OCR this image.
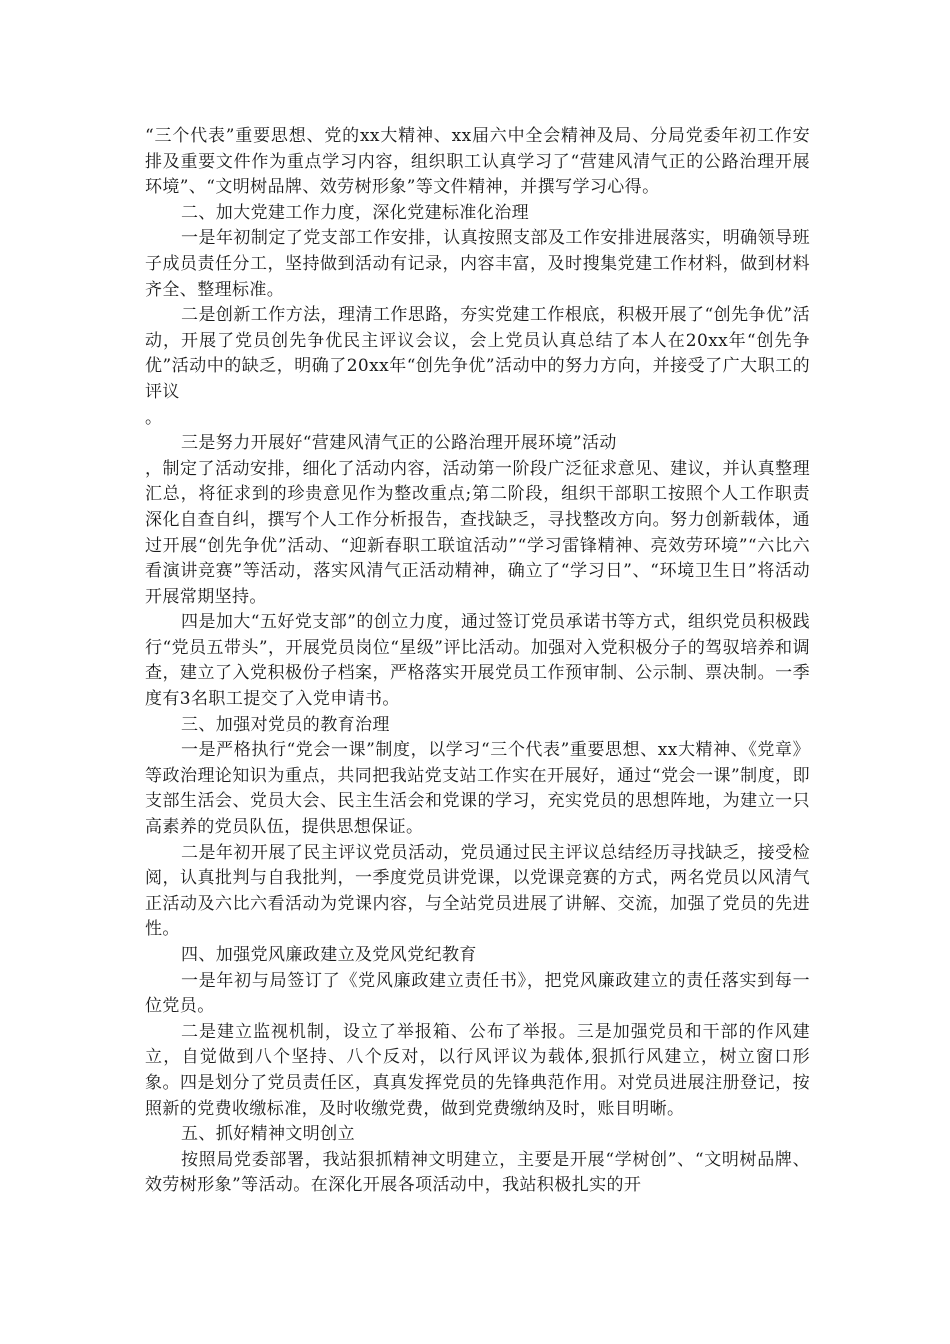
“三个代表”重要思想、党的xx大精神、xx届六中全会精神及局、分局党委年初工作安排及重要文件作为重点学习内容，组织职工认真学习了“营建风清气正的公路治理开展环境”、“文明树品牌、效劳树形象”等文件精神，并撰写学习心得。

二、加大党建工作力度，深化党建标准化治理

一是年初制定了党支部工作安排，认真按照支部及工作安排进展落实，明确领导班子成员责任分工，坚持做到活动有记录，内容丰富，及时搜集党建工作材料，做到材料齐全、整理标准。

二是创新工作方法，理清工作思路，夯实党建工作根底，积极开展了“创先争优”活动，开展了党员创先争优民主评议会议，会上党员认真总结了本人在20xx年“创先争优”活动中的缺乏，明确了20xx年“创先争优”活动中的努力方向，并接受了广大职工的评议

。

三是努力开展好“营建风清气正的公路治理开展环境”活动

，制定了活动安排，细化了活动内容，活动第一阶段广泛征求意见、建议，并认真整理汇总，将征求到的珍贵意见作为整改重点;第二阶段，组织干部职工按照个人工作职责深化自查自纠，撰写个人工作分析报告，查找缺乏，寻找整改方向。努力创新载体，通过开展“创先争优”活动、“迎新春职工联谊活动”“学习雷锋精神、亮效劳环境”“六比六看演讲竞赛”等活动，落实风清气正活动精神，确立了“学习日”、“环境卫生日”将活动开展常期坚持。

四是加大“五好党支部”的创立力度，通过签订党员承诺书等方式，组织党员积极践行“党员五带头”，开展党员岗位“星级”评比活动。加强对入党积极分子的驾驭培养和调查，建立了入党积极份子档案，严格落实开展党员工作预审制、公示制、票决制。一季度有3名职工提交了入党申请书。

三、加强对党员的教育治理

一是严格执行“党会一课”制度，以学习“三个代表”重要思想、xx大精神、《党章》等政治理论知识为重点，共同把我站党支站工作实在开展好，通过“党会一课”制度，即支部生活会、党员大会、民主生活会和党课的学习，充实党员的思想阵地，为建立一只高素养的党员队伍，提供思想保证。

二是年初开展了民主评议党员活动，党员通过民主评议总结经历寻找缺乏，接受检阅，认真批判与自我批判，一季度党员讲党课，以党课竞赛的方式，两名党员以风清气正活动及六比六看活动为党课内容，与全站党员进展了讲解、交流，加强了党员的先进性。

四、加强党风廉政建立及党风党纪教育

一是年初与局签订了《党风廉政建立责任书》，把党风廉政建立的责任落实到每一位党员。

二是建立监视机制，设立了举报箱、公布了举报。三是加强党员和干部的作风建立，自觉做到八个坚持、八个反对，以行风评议为载体,狠抓行风建立，树立窗口形象。四是划分了党员责任区，真真发挥党员的先锋典范作用。对党员进展注册登记，按照新的党费收缴标准，及时收缴党费，做到党费缴纳及时，账目明晰。

五、抓好精神文明创立

按照局党委部署，我站狠抓精神文明建立，主要是开展“学树创”、“文明树品牌、效劳树形象”等活动。在深化开展各项活动中，我站积极扎实的开
